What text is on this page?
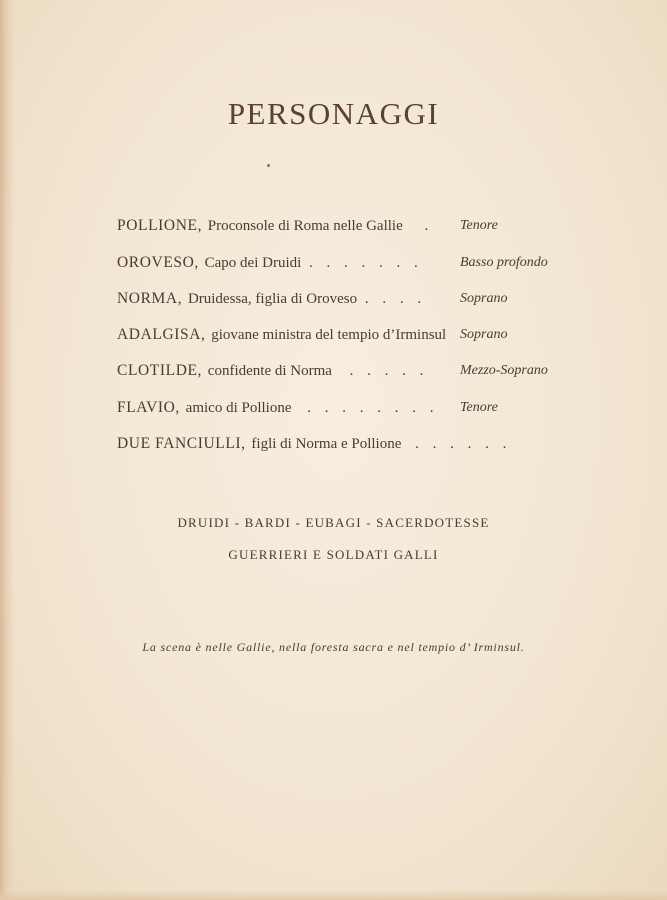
PERSONAGGI
POLLIONE, Proconsole di Roma nelle Gallie . Tenore
OROVESO, Capo dei Druidi . . . . . . .	Basso profondo
NORMA, Druidessa, figlia di Oroveso . . . . Soprano
ADALGISA, giovane ministra del tempio d’Irminsul Soprano
CLOTILDE, confidente di Norma . . . . . Mezzo-Soprano
FLAVIO, amico di Pollione . . . . . . . . Tenore
DUE FANCIULLI, figli di Norma e Pollione . . . . . .
DRUIDI - BARDI - EUBAGI - SACERDOTESSE
GUERRIERI E SOLDATI GALLI
La scena è nelle Gallie, nella foresta sacra e nel tempio d’ Irminsul.
